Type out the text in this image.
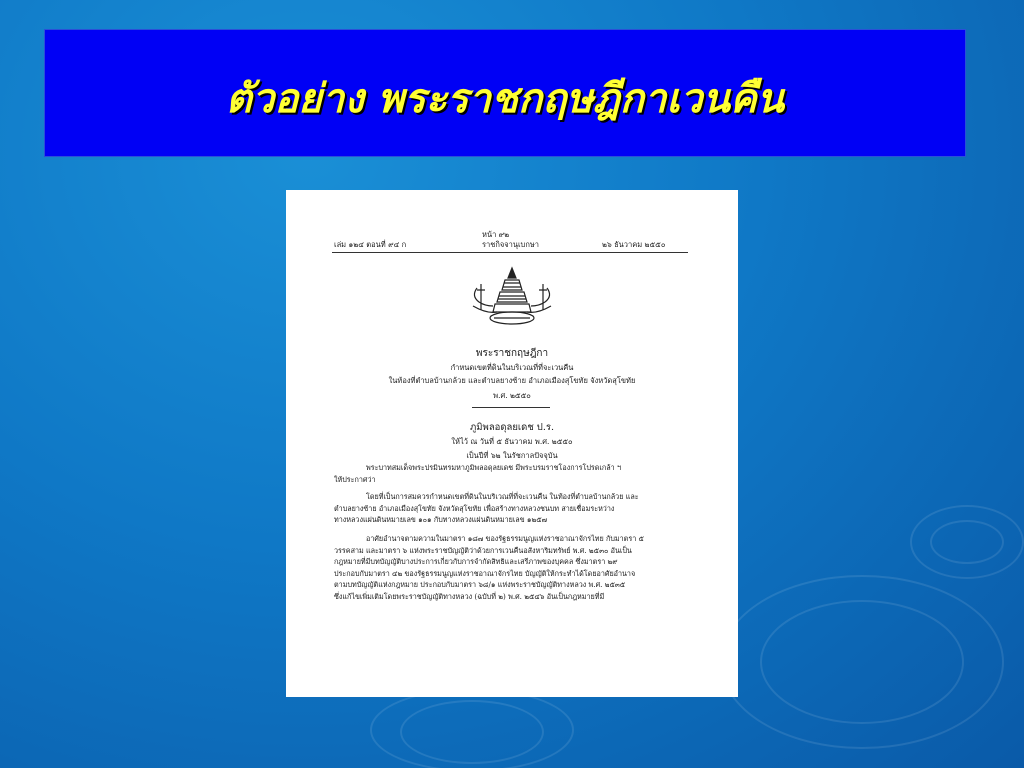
ตัวอย่าง พระราชกฤษฎีกาเวนคืน
หน้า ๙๒
เล่ม ๑๒๔ ตอนที่ ๙๔ ก	ราชกิจจานุเบกษา	๒๖ ธันวาคม ๒๕๕๐
พระราชกฤษฎีกา
กำหนดเขตที่ดินในบริเวณที่ที่จะเวนคืน
ในท้องที่ตำบลบ้านกล้วย และตำบลยางซ้าย อำเภอเมืองสุโขทัย จังหวัดสุโขทัย
พ.ศ. ๒๕๕๐
ภูมิพลอดุลยเดช ป.ร.
ให้ไว้ ณ วันที่ ๕ ธันวาคม พ.ศ. ๒๕๕๐
เป็นปีที่ ๖๒ ในรัชกาลปัจจุบัน
พระบาทสมเด็จพระปรมินทรมหาภูมิพลอดุลยเดช มีพระบรมราชโองการโปรดเกล้า ฯ
ให้ประกาศว่า
โดยที่เป็นการสมควรกำหนดเขตที่ดินในบริเวณที่ที่จะเวนคืน ในท้องที่ตำบลบ้านกล้วย และ
ตำบลยางซ้าย อำเภอเมืองสุโขทัย จังหวัดสุโขทัย เพื่อสร้างทางหลวงชนบท สายเชื่อมระหว่าง
ทางหลวงแผ่นดินหมายเลข ๑๐๑ กับทางหลวงแผ่นดินหมายเลข ๑๒๕๗
อาศัยอำนาจตามความในมาตรา ๑๘๗ ของรัฐธรรมนูญแห่งราชอาณาจักรไทย กับมาตรา ๕
วรรคสาม และมาตรา ๖ แห่งพระราชบัญญัติว่าด้วยการเวนคืนอสังหาริมทรัพย์ พ.ศ. ๒๕๓๐ อันเป็น
กฎหมายที่มีบทบัญญัติบางประการเกี่ยวกับการจำกัดสิทธิและเสรีภาพของบุคคล ซึ่งมาตรา ๒๙
ประกอบกับมาตรา ๔๒ ของรัฐธรรมนูญแห่งราชอาณาจักรไทย บัญญัติให้กระทำได้โดยอาศัยอำนาจ
ตามบทบัญญัติแห่งกฎหมาย ประกอบกับมาตรา ๖๘/๑ แห่งพระราชบัญญัติทางหลวง พ.ศ. ๒๕๓๕
ซึ่งแก้ไขเพิ่มเติมโดยพระราชบัญญัติทางหลวง (ฉบับที่ ๒) พ.ศ. ๒๕๔๖ อันเป็นกฎหมายที่มี
